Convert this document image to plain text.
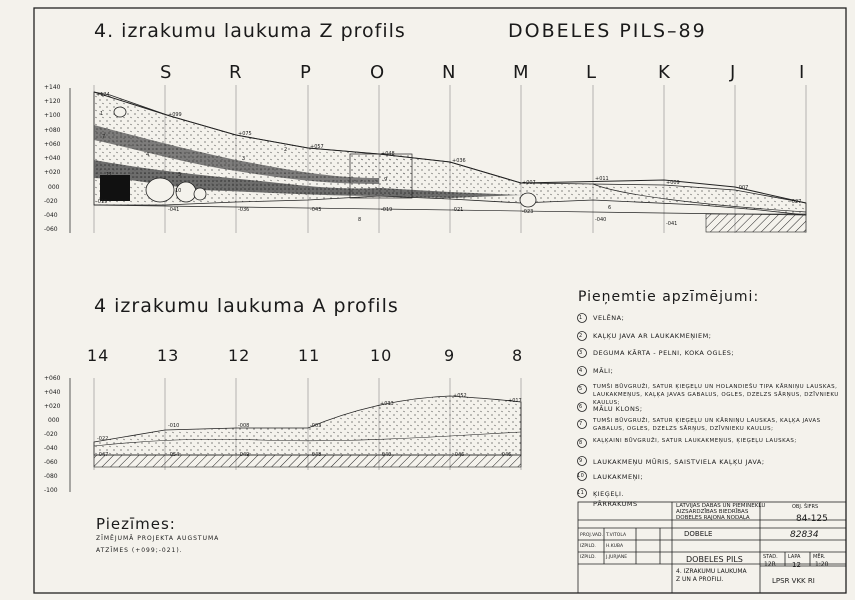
4. izrakumu laukuma Z profils	DOBELES PILS–89
4 izrakumu laukuma A profils	Pieņemtie apzīmējumi:
Piezīmes:
ZĪMĒJUMĀ PROJEKTA AUGSTUMA
ATZĪMES (+099;-021).
S	R	P	O	N	M	L	K	J	I
+140
+120
+100
+080
+060
+040
+020
000
-020
-040
-060
+124
+099
+075
+057
+048
+036
+007
+011
+009
-007
-027
-019
-041	-036	-043	-019	-021	-023
-040
-041
1
2
3
4
5
6
7
8
9
10
11
14	13	12	11	10	9	8
+060
+040
+020
000
-020
-040
-060
-080
-100
+052
+033	+017
-010	-008	-003
-022
-047	-054	-049	-048	-040	-046	-046
1 VELĒNA;
2 KAĻĶU JAVA AR LAUKAKMEŅIEM;
3 DEGUMA KĀRTA - PELNI, KOKA OGLES;
4 MĀLI;
5 TUMŠI BŪVGRUŽI, SATUR ĶIEĢEĻU UN HOLANDIEŠU TIPA KĀRNIŅU LAUSKAS, LAUKAKMEŅUS, KAĻĶA JAVAS GABALUS, OGLES, DZELZS SĀRŅUS, DZĪVNIEKU KAULUS;
6 MĀLU KLONS;
7 TUMŠI BŪVGRUŽI, SATUR ĶIEĢEĻU UN KĀRNIŅU LAUSKAS, KAĻĶA JAVAS GABALUS, OGLES, DZELZS SĀRŅUS, DZĪVNIEKU KAULUS;
8 KAĻĶAINI BŪVGRUŽI, SATUR LAUKAKMEŅUS, ĶIEĢEĻU LAUSKAS;
9 LAUKAKMEŅU MŪRIS, SAISTVIELA KAĻĶU JAVA;
10 LAUKAKMEŅI;
11 ĶIEĢEĻI.
PĀRRAKUMS	LATVIJAS DABAS UN PIEMINEKĻU
AIZSARDZĪBAS BIEDRĪBAS
DOBELES RAJONA NODAĻA
OBJ. ŠIFRS
84-125
82834
DOBELE
DOBELES PILS
4. IZRAKUMU LAUKUMA
Z UN A PROFILI.
PROJ.VAD. T.VITOLA
IZPILD. H.KUBA
IZPILD. J.JURJANE	STAD. LAPA	MĒR.
12R 12 1:20
LPSR VKK RI
